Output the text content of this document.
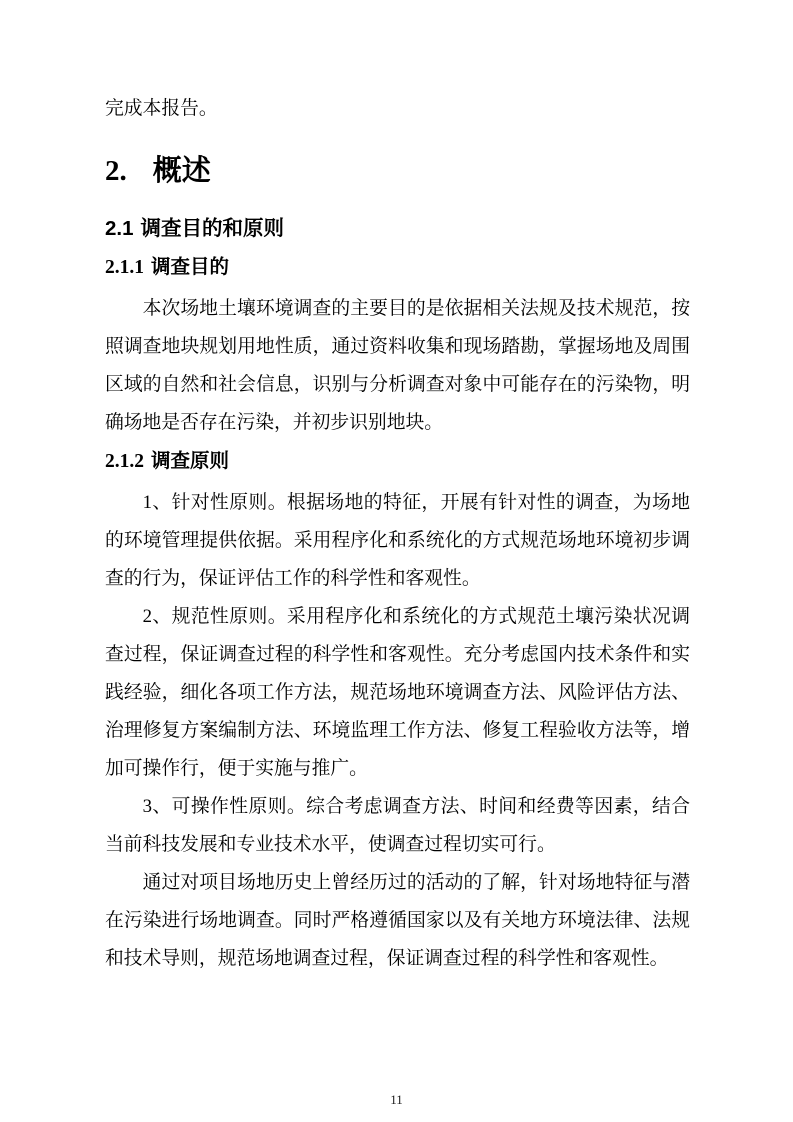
完成本报告。

2. 概述
2.1 调查目的和原则
2.1.1 调查目的

本次场地土壤环境调查的主要目的是依据相关法规及技术规范，按照调查地块规划用地性质，通过资料收集和现场踏勘，掌握场地及周围区域的自然和社会信息，识别与分析调查对象中可能存在的污染物，明确场地是否存在污染，并初步识别地块。

2.1.2 调查原则

1、针对性原则。根据场地的特征，开展有针对性的调查，为场地的环境管理提供依据。采用程序化和系统化的方式规范场地环境初步调查的行为，保证评估工作的科学性和客观性。

2、规范性原则。采用程序化和系统化的方式规范土壤污染状况调查过程，保证调查过程的科学性和客观性。充分考虑国内技术条件和实践经验，细化各项工作方法，规范场地环境调查方法、风险评估方法、治理修复方案编制方法、环境监理工作方法、修复工程验收方法等，增加可操作行，便于实施与推广。

3、可操作性原则。综合考虑调查方法、时间和经费等因素，结合当前科技发展和专业技术水平，使调查过程切实可行。

通过对项目场地历史上曾经历过的活动的了解，针对场地特征与潜在污染进行场地调查。同时严格遵循国家以及有关地方环境法律、法规和技术导则，规范场地调查过程，保证调查过程的科学性和客观性。

11
